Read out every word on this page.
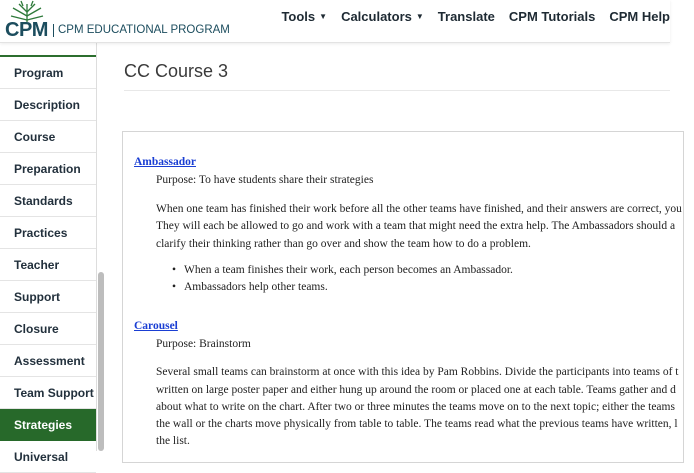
CPM CPM EDUCATIONAL PROGRAM
Tools ▼ Calculators ▼ Translate CPM Tutorials CPM Help
Program
Description
Course
Preparation
Standards
Practices
Teacher
Support
Closure
Assessment
Team Support
Strategies
Universal
CC Course 3
Ambassador
Purpose: To have students share their strategies
When one team has finished their work before all the other teams have finished, and their answers are correct, you
They will each be allowed to go and work with a team that might need the extra help. The Ambassadors should a
clarify their thinking rather than go over and show the team how to do a problem.
• When a team finishes their work, each person becomes an Ambassador.
• Ambassadors help other teams.
Carousel
Purpose: Brainstorm
Several small teams can brainstorm at once with this idea by Pam Robbins. Divide the participants into teams of t
written on large poster paper and either hung up around the room or placed one at each table. Teams gather and d
about what to write on the chart. After two or three minutes the teams move on to the next topic; either the teams
the wall or the charts move physically from table to table. The teams read what the previous teams have written, l
the list.
